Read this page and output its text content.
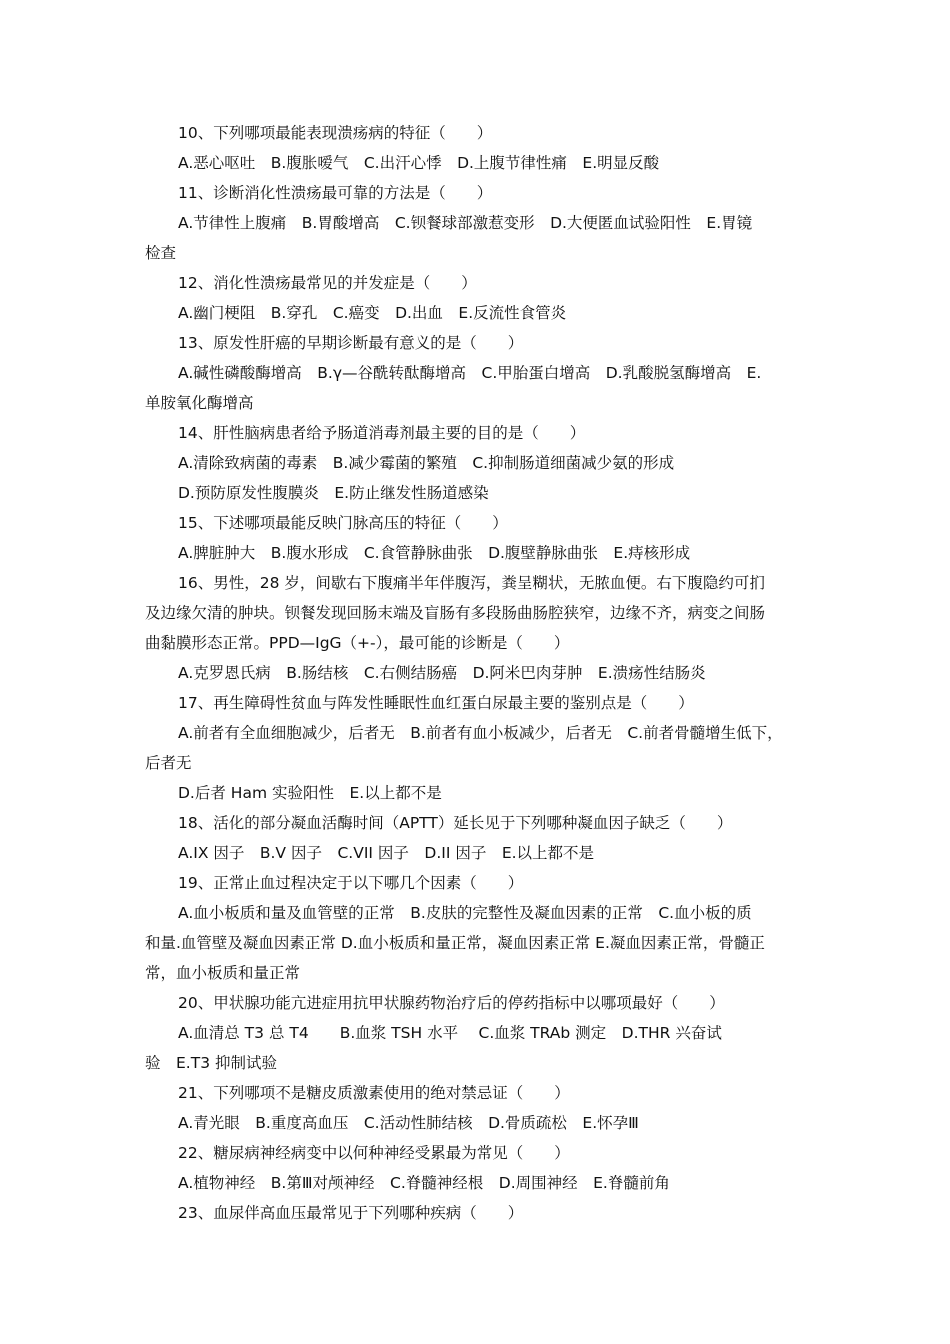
10、下列哪项最能表现溃疡病的特征（　　）
A.恶心呕吐　B.腹胀嗳气　C.出汗心悸　D.上腹节律性痛　E.明显反酸
11、诊断消化性溃疡最可靠的方法是（　　）
A.节律性上腹痛　B.胃酸增高　C.钡餐球部激惹变形　D.大便匿血试验阳性　E.胃镜
检查
12、消化性溃疡最常见的并发症是（　　）
A.幽门梗阻　B.穿孔　C.癌变　D.出血　E.反流性食管炎
13、原发性肝癌的早期诊断最有意义的是（　　）
A.碱性磷酸酶增高　B.γ—谷酰转酞酶增高　C.甲胎蛋白增高　D.乳酸脱氢酶增高　E.
单胺氧化酶增高
14、肝性脑病患者给予肠道消毒剂最主要的目的是（　　）
A.清除致病菌的毒素　B.减少霉菌的繁殖　C.抑制肠道细菌减少氨的形成
D.预防原发性腹膜炎　E.防止继发性肠道感染
15、下述哪项最能反映门脉高压的特征（　　）
A.脾脏肿大　B.腹水形成　C.食管静脉曲张　D.腹壁静脉曲张　E.痔核形成
16、男性，28 岁，间歇右下腹痛半年伴腹泻，粪呈糊状，无脓血便。右下腹隐约可扪
及边缘欠清的肿块。钡餐发现回肠末端及盲肠有多段肠曲肠腔狭窄，边缘不齐，病变之间肠
曲黏膜形态正常。PPD—IgG（+-），最可能的诊断是（　　）
A.克罗恩氏病　B.肠结核　C.右侧结肠癌　D.阿米巴肉芽肿　E.溃疡性结肠炎
17、再生障碍性贫血与阵发性睡眠性血红蛋白尿最主要的鉴别点是（　　）
A.前者有全血细胞减少，后者无　B.前者有血小板减少，后者无　C.前者骨髓增生低下，
后者无
D.后者 Ham 实验阳性　E.以上都不是
18、活化的部分凝血活酶时间（APTT）延长见于下列哪种凝血因子缺乏（　　）
A.IX 因子　B.V 因子　C.VII 因子　D.II 因子　E.以上都不是
19、正常止血过程决定于以下哪几个因素（　　）
A.血小板质和量及血管壁的正常　B.皮肤的完整性及凝血因素的正常　C.血小板的质
和量.血管壁及凝血因素正常 D.血小板质和量正常，凝血因素正常 E.凝血因素正常，骨髓正
常，血小板质和量正常
20、甲状腺功能亢进症用抗甲状腺药物治疗后的停药指标中以哪项最好（　　）
A.血清总 T3 总 T4　　B.血浆 TSH 水平　 C.血浆 TRAb 测定　D.THR 兴奋试
验　E.T3 抑制试验
21、下列哪项不是糖皮质激素使用的绝对禁忌证（　　）
A.青光眼　B.重度高血压　C.活动性肺结核　D.骨质疏松　E.怀孕Ⅲ
22、糖尿病神经病变中以何种神经受累最为常见（　　）
A.植物神经　B.第Ⅲ对颅神经　C.脊髓神经根　D.周围神经　E.脊髓前角
23、血尿伴高血压最常见于下列哪种疾病（　　）
